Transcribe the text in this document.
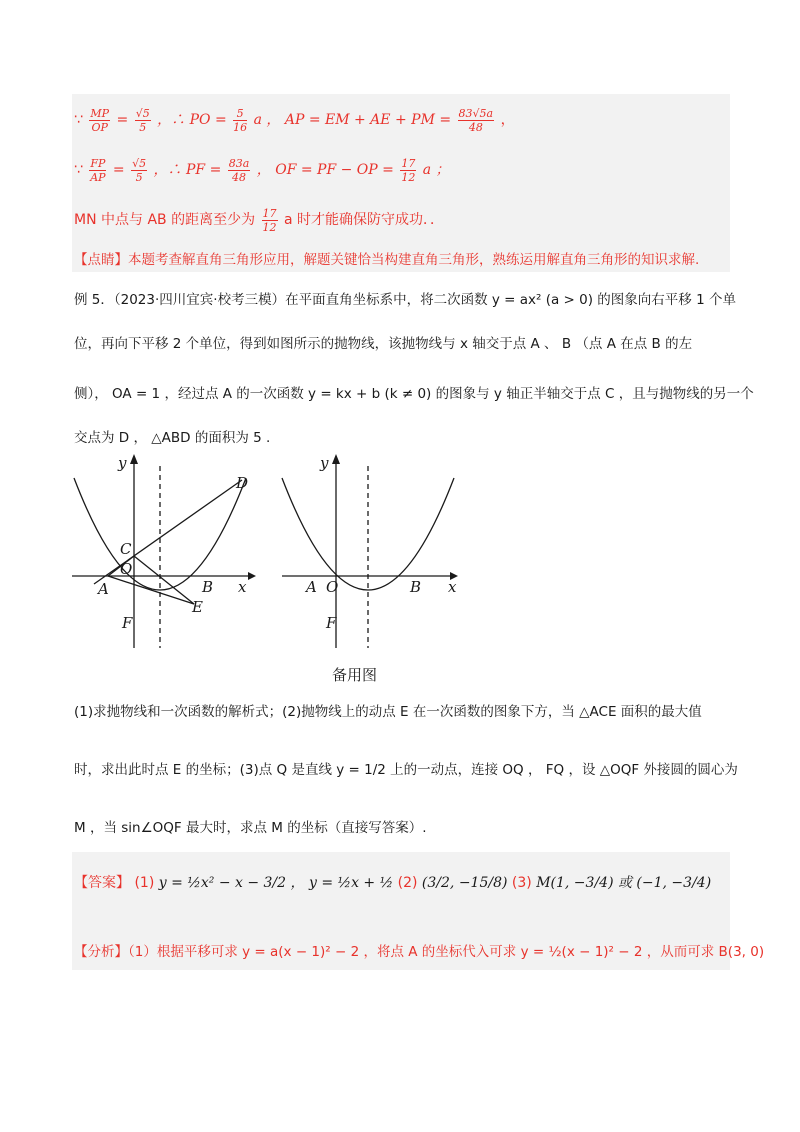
∵ $\frac{MP}{OP} = \frac{√5}{5}$ ，∴ PO = $\frac{5}{16}$ a ， AP = EM + AE + PM = $\frac{83√5a}{48}$ ，
∵ $\frac{FP}{AP} = \frac{√5}{5}$ ，∴ PF = $\frac{83a}{48}$ ， OF = PF − OP = $\frac{17}{12}$ a ；
MN 中点与 AB 的距离至少为 $\frac{17}{12}$ a 时才能确保防守成功．．
【点睛】本题考查解直角三角形应用，解题关键恰当构建直角三角形，熟练运用解直角三角形的知识求解.
例 5．（2023·四川宜宾·校考三模）在平面直角坐标系中，将二次函数 y = ax² (a > 0) 的图象向右平移 1 个单
位，再向下平移 2 个单位，得到如图所示的抛物线，该抛物线与 x 轴交于点 A 、 B （点 A 在点 B 的左
侧）， OA = 1 ，经过点 A 的一次函数 y = kx + b (k ≠ 0) 的图象与 y 轴正半轴交于点 C ，且与抛物线的另一个
交点为 D ， △ABD 的面积为 5 .
y
x
D
C
O
A	B
E
F
y
x
A O	B
F
备用图
(1)求抛物线和一次函数的解析式；(2)抛物线上的动点 E 在一次函数的图象下方，当 △ACE 面积的最大值
时，求出此时点 E 的坐标；(3)点 Q 是直线 y = 1/2 上的一动点，连接 OQ ， FQ ，设 △OQF 外接圆的圆心为
M ，当 sin∠OQF 最大时，求点 M 的坐标（直接写答案）.
【答案】 (1) y = ½x² − x − 3/2 ， y = ½x + ½ (2) (3/2, −15/8) (3) M(1, −3/4) 或 (−1, −3/4)
【分析】（1）根据平移可求 y = a(x − 1)² − 2 ，将点 A 的坐标代入可求 y = ½(x − 1)² − 2 ，从而可求 B(3, 0)
